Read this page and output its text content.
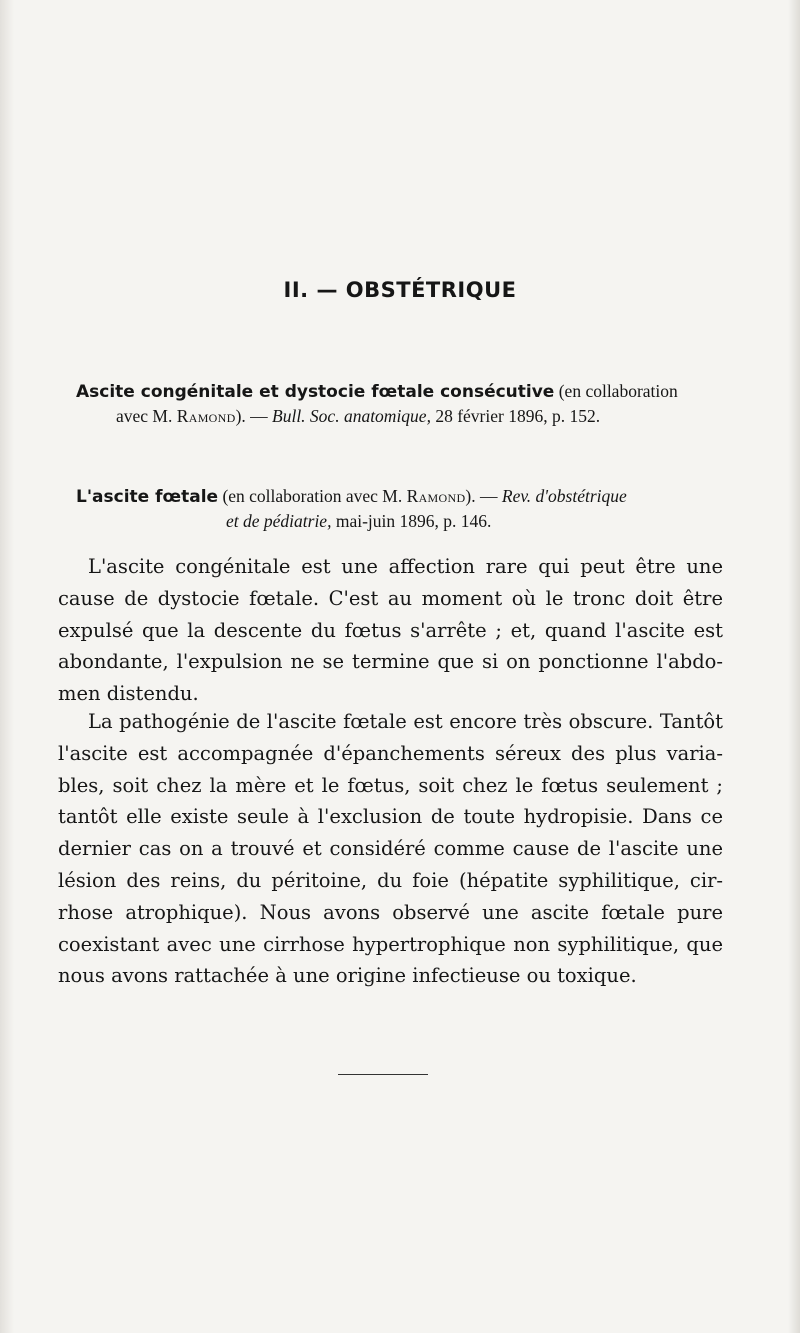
II. — OBSTÉTRIQUE
Ascite congénitale et dystocie fœtale consécutive (en collaboration
avec M. Ramond). — Bull. Soc. anatomique, 28 février 1896, p. 152.
L'ascite fœtale (en collaboration avec M. Ramond). — Rev. d'obstétrique
et de pédiatrie, mai-juin 1896, p. 146.
L'ascite congénitale est une affection rare qui peut être une
cause de dystocie fœtale. C'est au moment où le tronc doit être
expulsé que la descente du fœtus s'arrête ; et, quand l'ascite est
abondante, l'expulsion ne se termine que si on ponctionne l'abdo-
men distendu.
La pathogénie de l'ascite fœtale est encore très obscure. Tantôt
l'ascite est accompagnée d'épanchements séreux des plus varia-
bles, soit chez la mère et le fœtus, soit chez le fœtus seulement ;
tantôt elle existe seule à l'exclusion de toute hydropisie. Dans ce
dernier cas on a trouvé et considéré comme cause de l'ascite une
lésion des reins, du péritoine, du foie (hépatite syphilitique, cir-
rhose atrophique). Nous avons observé une ascite fœtale pure
coexistant avec une cirrhose hypertrophique non syphilitique, que
nous avons rattachée à une origine infectieuse ou toxique.
